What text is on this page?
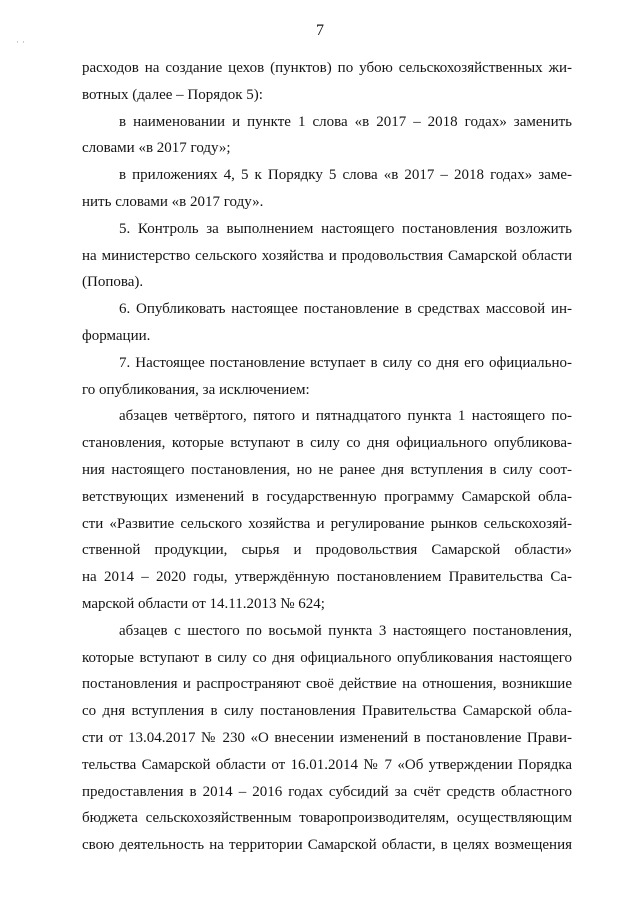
7
· ·

расходов на создание цехов (пунктов) по убою сельскохозяйственных жи-
вотных (далее – Порядок 5):

в наименовании и пункте 1 слова «в 2017 – 2018 годах» заменить
словами «в 2017 году»;

в приложениях 4, 5 к Порядку 5 слова «в 2017 – 2018 годах» заме-
нить словами «в 2017 году».

5. Контроль за выполнением настоящего постановления возложить
на министерство сельского хозяйства и продовольствия Самарской области
(Попова).

6. Опубликовать настоящее постановление в средствах массовой ин-
формации.

7. Настоящее постановление вступает в силу со дня его официально-
го опубликования, за исключением:

абзацев четвёртого, пятого и пятнадцатого пункта 1 настоящего по-
становления, которые вступают в силу со дня официального опубликова-
ния настоящего постановления, но не ранее дня вступления в силу соот-
ветствующих изменений в государственную программу Самарской обла-
сти «Развитие сельского хозяйства и регулирование рынков сельскохозяй-
ственной продукции, сырья и продовольствия Самарской области»
на 2014 – 2020 годы, утверждённую постановлением Правительства Са-
марской области от 14.11.2013 № 624;

абзацев с шестого по восьмой пункта 3 настоящего постановления,
которые вступают в силу со дня официального опубликования настоящего
постановления и распространяют своё действие на отношения, возникшие
со дня вступления в силу постановления Правительства Самарской обла-
сти от 13.04.2017 № 230 «О внесении изменений в постановление Прави-
тельства Самарской области от 16.01.2014 № 7 «Об утверждении Порядка
предоставления в 2014 – 2016 годах субсидий за счёт средств областного
бюджета сельскохозяйственным товаропроизводителям, осуществляющим
свою деятельность на территории Самарской области, в целях возмещения
